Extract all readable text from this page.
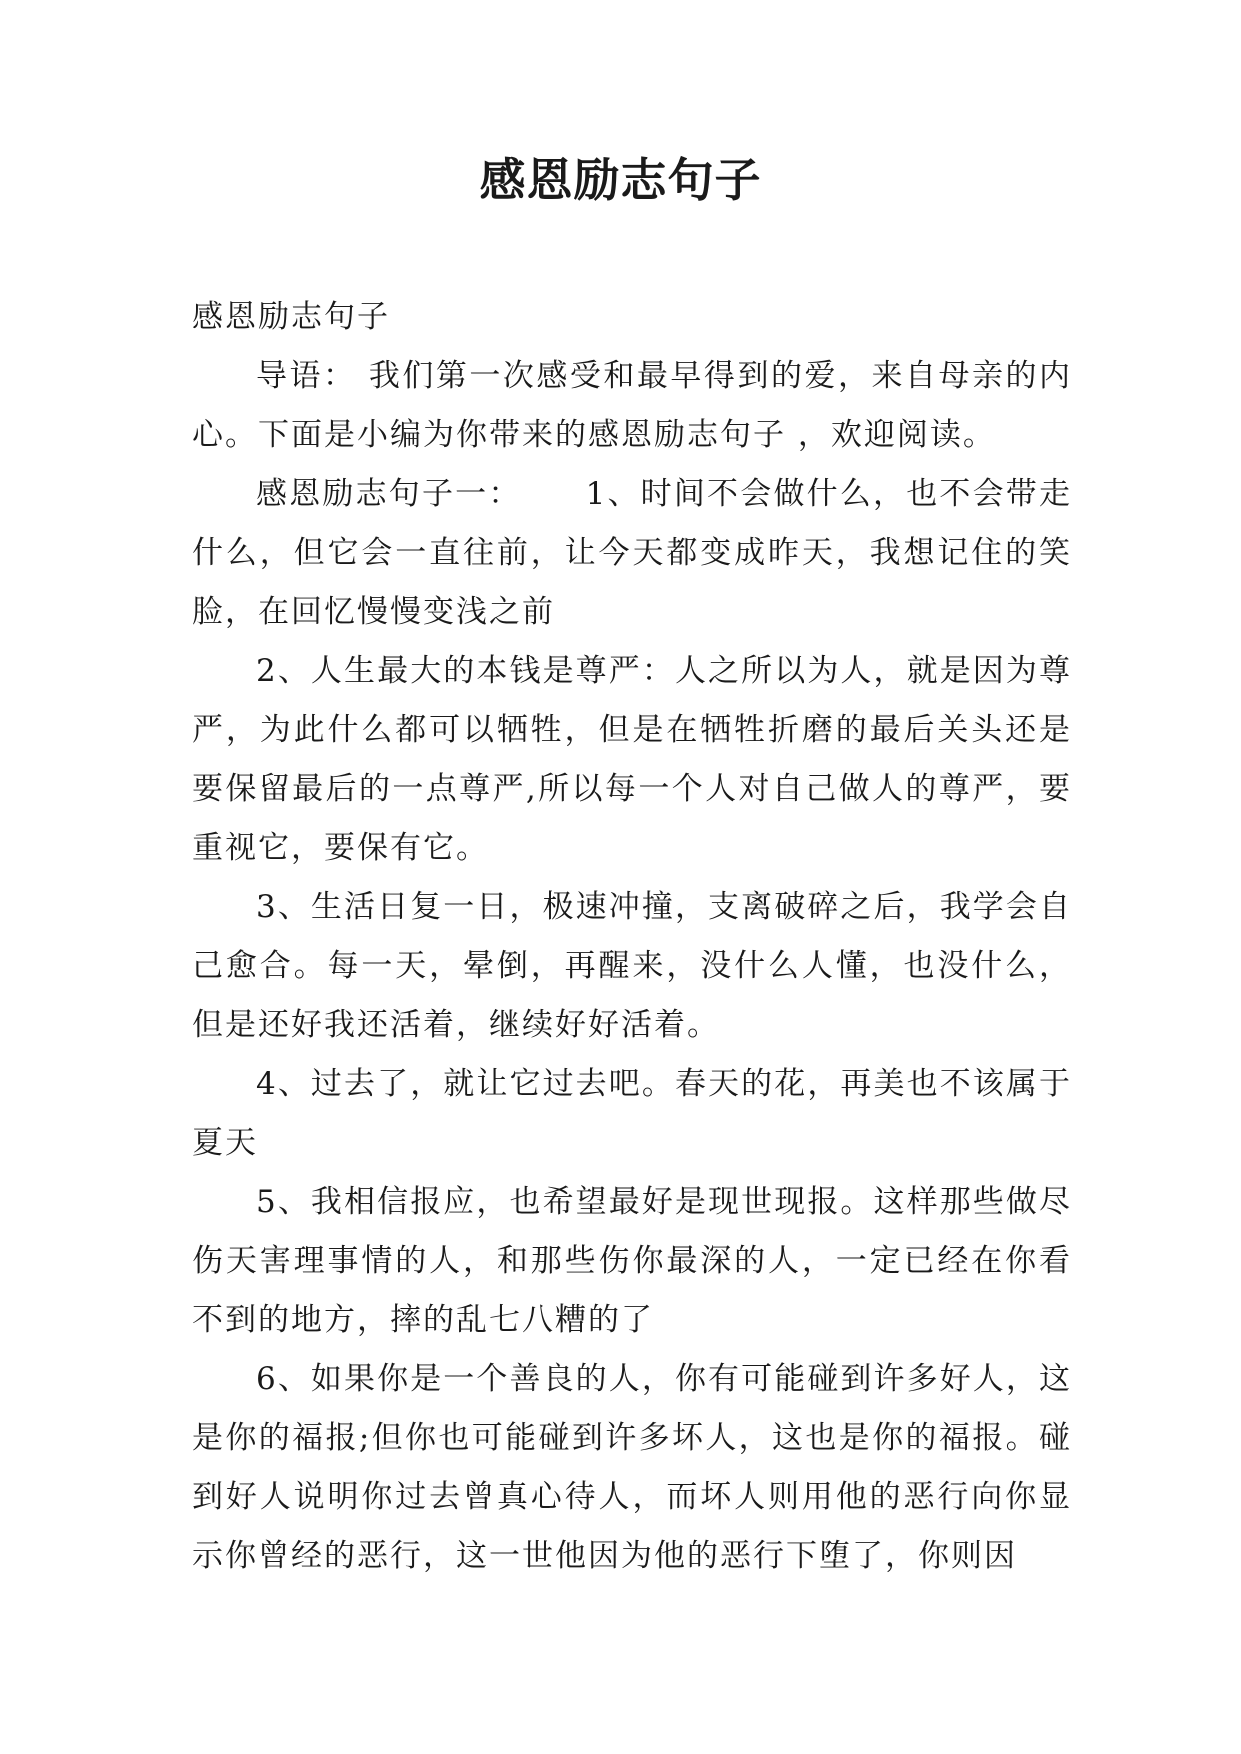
感恩励志句子

感恩励志句子

导语： 我们第一次感受和最早得到的爱，来自母亲的内心。下面是小编为你带来的感恩励志句子 ，欢迎阅读。

感恩励志句子一： 1、时间不会做什么，也不会带走什么，但它会一直往前，让今天都变成昨天，我想记住的笑脸，在回忆慢慢变浅之前

2、人生最大的本钱是尊严：人之所以为人，就是因为尊严，为此什么都可以牺牲，但是在牺牲折磨的最后关头还是要保留最后的一点尊严,所以每一个人对自己做人的尊严，要重视它，要保有它。

3、生活日复一日，极速冲撞，支离破碎之后，我学会自己愈合。每一天，晕倒，再醒来，没什么人懂，也没什么，但是还好我还活着，继续好好活着。

4、过去了，就让它过去吧。春天的花，再美也不该属于夏天

5、我相信报应，也希望最好是现世现报。这样那些做尽伤天害理事情的人，和那些伤你最深的人，一定已经在你看不到的地方，摔的乱七八糟的了

6、如果你是一个善良的人，你有可能碰到许多好人，这是你的福报;但你也可能碰到许多坏人，这也是你的福报。碰到好人说明你过去曾真心待人，而坏人则用他的恶行向你显示你曾经的恶行，这一世他因为他的恶行下堕了，你则因
